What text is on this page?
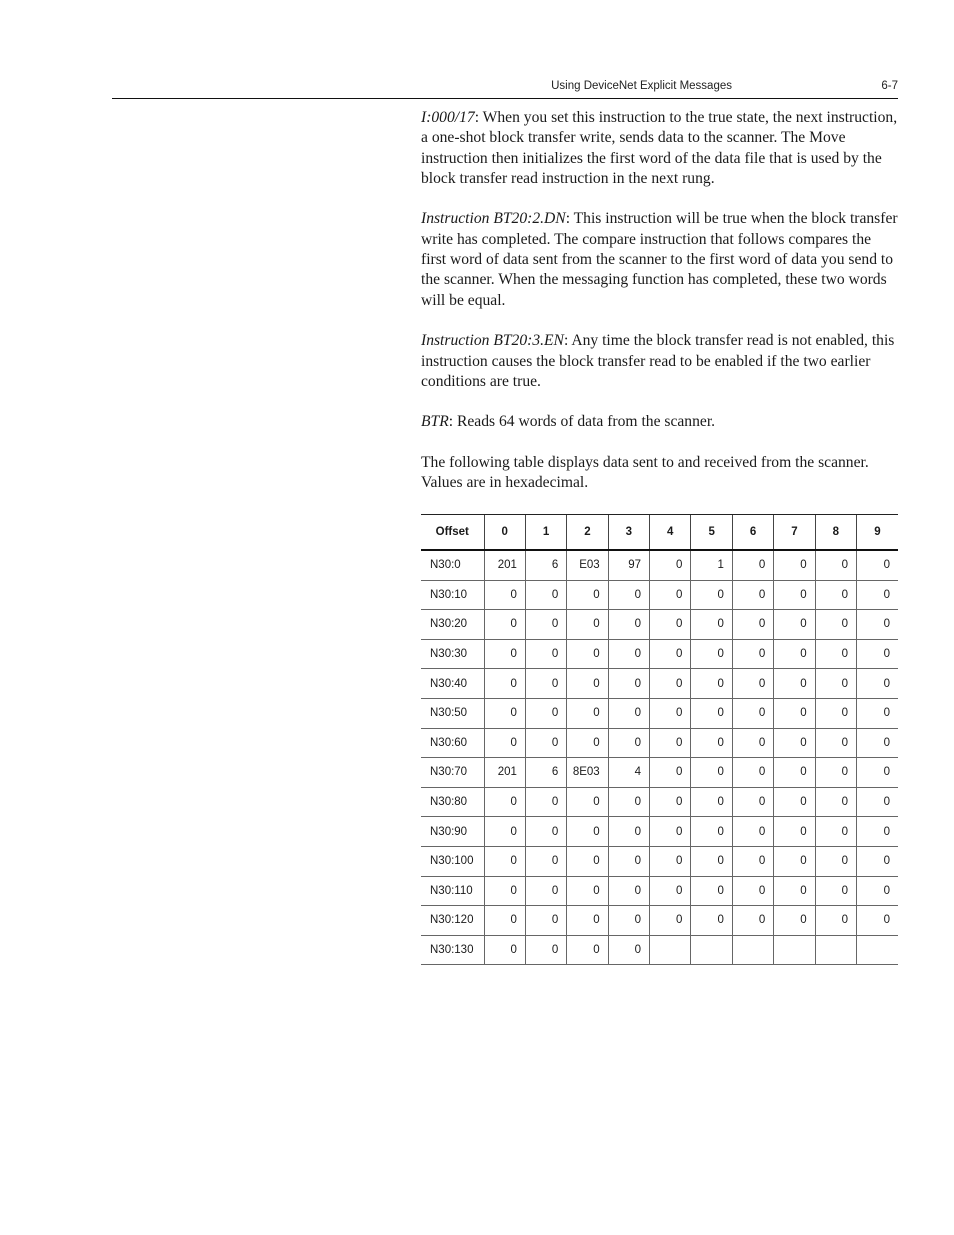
Using DeviceNet Explicit Messages	6-7

I:000/17: When you set this instruction to the true state, the next instruction, a one-shot block transfer write, sends data to the scanner. The Move instruction then initializes the first word of the data file that is used by the block transfer read instruction in the next rung.

Instruction BT20:2.DN: This instruction will be true when the block transfer write has completed. The compare instruction that follows compares the first word of data sent from the scanner to the first word of data you send to the scanner. When the messaging function has completed, these two words will be equal.

Instruction BT20:3.EN: Any time the block transfer read is not enabled, this instruction causes the block transfer read to be enabled if the two earlier conditions are true.

BTR: Reads 64 words of data from the scanner.

The following table displays data sent to and received from the scanner. Values are in hexadecimal.

Offset	0	1	2	3	4	5	6	7	8	9
N30:0	201	6	E03	97	0	1	0	0	0	0
N30:10	0	0	0	0	0	0	0	0	0	0
N30:20	0	0	0	0	0	0	0	0	0	0
N30:30	0	0	0	0	0	0	0	0	0	0
N30:40	0	0	0	0	0	0	0	0	0	0
N30:50	0	0	0	0	0	0	0	0	0	0
N30:60	0	0	0	0	0	0	0	0	0	0
N30:70	201	6	8E03	4	0	0	0	0	0	0
N30:80	0	0	0	0	0	0	0	0	0	0
N30:90	0	0	0	0	0	0	0	0	0	0
N30:100	0	0	0	0	0	0	0	0	0	0
N30:110	0	0	0	0	0	0	0	0	0	0
N30:120	0	0	0	0	0	0	0	0	0	0
N30:130	0	0	0	0						
